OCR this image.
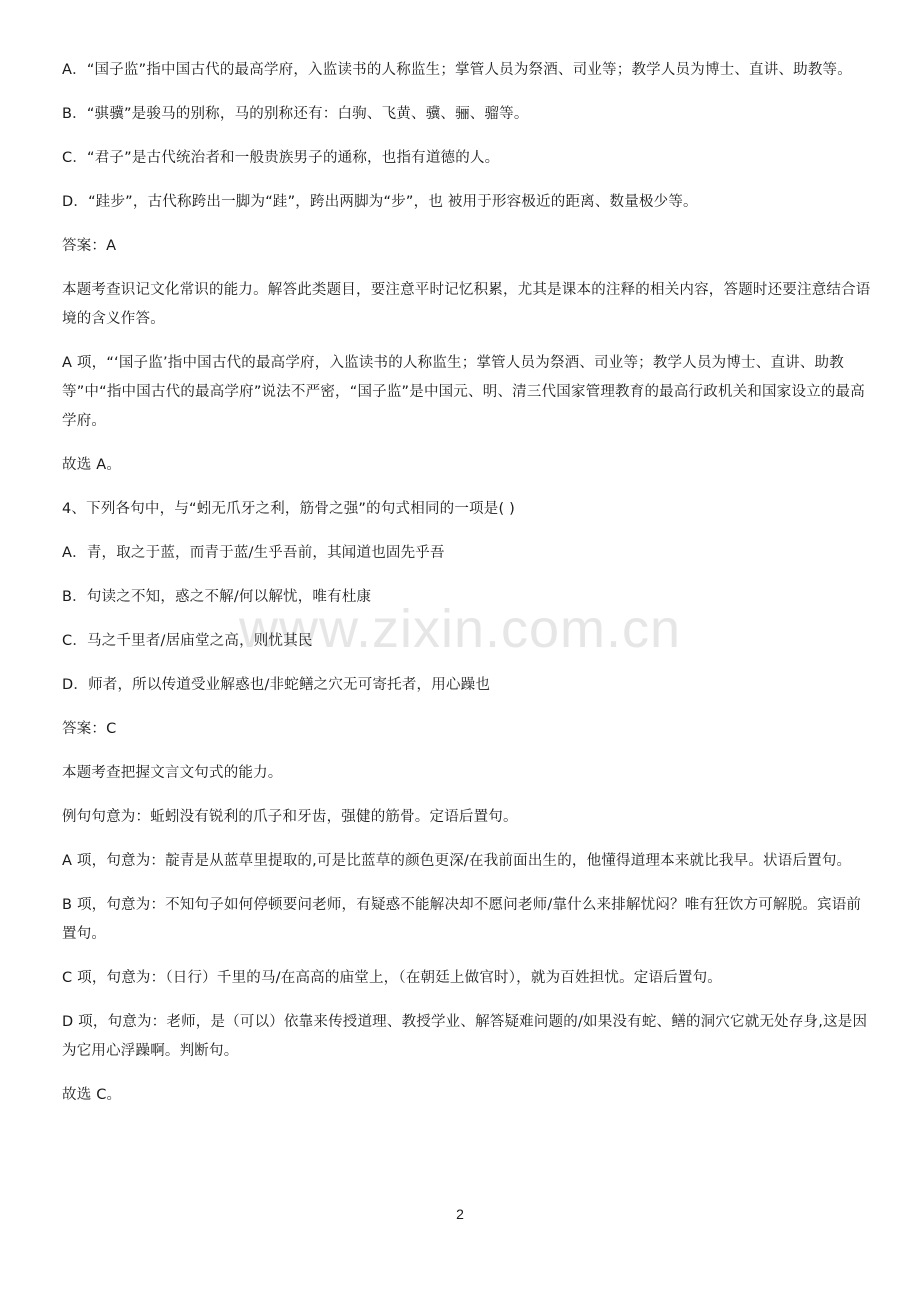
www.zixin.com.cn

A．“国子监”指中国古代的最高学府，入监读书的人称监生；掌管人员为祭酒、司业等；教学人员为博士、直讲、助教等。

B．“骐骥”是骏马的别称，马的别称还有：白驹、飞黄、骥、骊、骝等。

C．“君子”是古代统治者和一般贵族男子的通称，也指有道德的人。

D．“跬步”，古代称跨出一脚为“跬”，跨出两脚为“步”，也 被用于形容极近的距离、数量极少等。

答案：A

本题考查识记文化常识的能力。解答此类题目，要注意平时记忆积累，尤其是课本的注释的相关内容，答题时还要注意结合语境的含义作答。

A 项，“‘国子监’指中国古代的最高学府，入监读书的人称监生；掌管人员为祭酒、司业等；教学人员为博士、直讲、助教等”中“指中国古代的最高学府”说法不严密，“国子监”是中国元、明、清三代国家管理教育的最高行政机关和国家设立的最高学府。

故选 A。

4、下列各句中，与“蚓无爪牙之利，筋骨之强”的句式相同的一项是( )

A．青，取之于蓝，而青于蓝/生乎吾前，其闻道也固先乎吾

B．句读之不知，惑之不解/何以解忧，唯有杜康

C．马之千里者/居庙堂之高，则忧其民

D．师者，所以传道受业解惑也/非蛇鳝之穴无可寄托者，用心躁也

答案：C

本题考查把握文言文句式的能力。

例句句意为：蚯蚓没有锐利的爪子和牙齿，强健的筋骨。定语后置句。

A 项，句意为：靛青是从蓝草里提取的,可是比蓝草的颜色更深/在我前面出生的，他懂得道理本来就比我早。状语后置句。

B 项，句意为：不知句子如何停顿要问老师，有疑惑不能解决却不愿问老师/靠什么来排解忧闷？唯有狂饮方可解脱。宾语前置句。

C 项，句意为：（日行）千里的马/在高高的庙堂上，（在朝廷上做官时），就为百姓担忧。定语后置句。

D 项，句意为：老师，是（可以）依靠来传授道理、教授学业、解答疑难问题的/如果没有蛇、鳝的洞穴它就无处存身,这是因为它用心浮躁啊。判断句。

故选 C。

2
